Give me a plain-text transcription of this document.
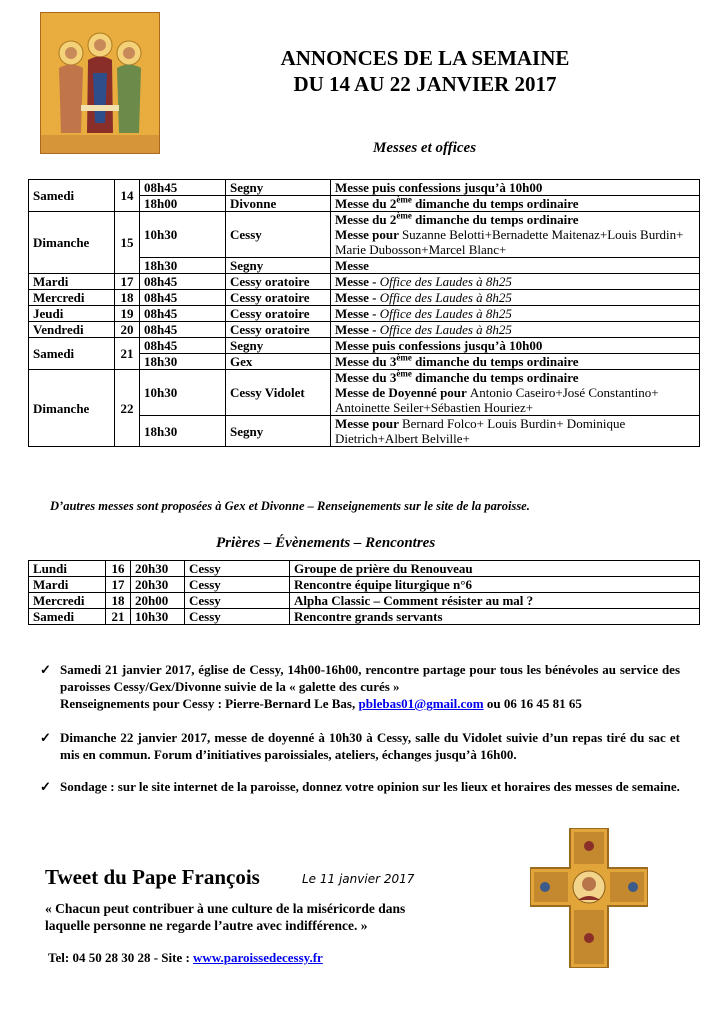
ANNONCES DE LA SEMAINE
DU 14 AU 22 JANVIER 2017
Messes et offices
Samedi	14	08h45	Segny	Messe puis confessions jusqu’à 10h00
		18h00	Divonne	Messe du 2ème dimanche du temps ordinaire
Dimanche	15	10h30	Cessy	Messe du 2ème dimanche du temps ordinaire
Messe pour Suzanne Belotti+Bernadette Maitenaz+Louis Burdin+ Marie Dubosson+Marcel Blanc+
		18h30	Segny	Messe
Mardi	17	08h45	Cessy oratoire	Messe - Office des Laudes à 8h25
Mercredi	18	08h45	Cessy oratoire	Messe - Office des Laudes à 8h25
Jeudi	19	08h45	Cessy oratoire	Messe - Office des Laudes à 8h25
Vendredi	20	08h45	Cessy oratoire	Messe - Office des Laudes à 8h25
Samedi	21	08h45	Segny	Messe puis confessions jusqu’à 10h00
		18h30	Gex	Messe du 3ème dimanche du temps ordinaire
Dimanche	22	10h30	Cessy Vidolet	Messe du 3ème dimanche du temps ordinaire
Messe de Doyenné pour Antonio Caseiro+José Constantino+ Antoinette Seiler+Sébastien Houriez+
		18h30	Segny	Messe pour Bernard Folco+ Louis Burdin+ Dominique Dietrich+Albert Belville+
D’autres messes sont proposées à Gex et Divonne – Renseignements sur le site de la paroisse.
Prières – Évènements – Rencontres
Lundi	16	20h30	Cessy	Groupe de prière du Renouveau
Mardi	17	20h30	Cessy	Rencontre équipe liturgique n°6
Mercredi	18	20h00	Cessy	Alpha Classic – Comment résister au mal ?
Samedi	21	10h30	Cessy	Rencontre grands servants
✓ Samedi 21 janvier 2017, église de Cessy, 14h00-16h00, rencontre partage pour tous les bénévoles au service des paroisses Cessy/Gex/Divonne suivie de la « galette des curés »
Renseignements pour Cessy : Pierre-Bernard Le Bas, pblebas01@gmail.com ou 06 16 45 81 65
✓ Dimanche 22 janvier 2017, messe de doyenné à 10h30 à Cessy, salle du Vidolet suivie d’un repas tiré du sac et mis en commun. Forum d’initiatives paroissiales, ateliers, échanges jusqu’à 16h00.
✓ Sondage : sur le site internet de la paroisse, donnez votre opinion sur les lieux et horaires des messes de semaine.
Tweet du Pape François	Le 11 janvier 2017
« Chacun peut contribuer à une culture de la miséricorde dans laquelle personne ne regarde l’autre avec indifférence. »
Tel: 04 50 28 30 28 - Site : www.paroissedecessy.fr
